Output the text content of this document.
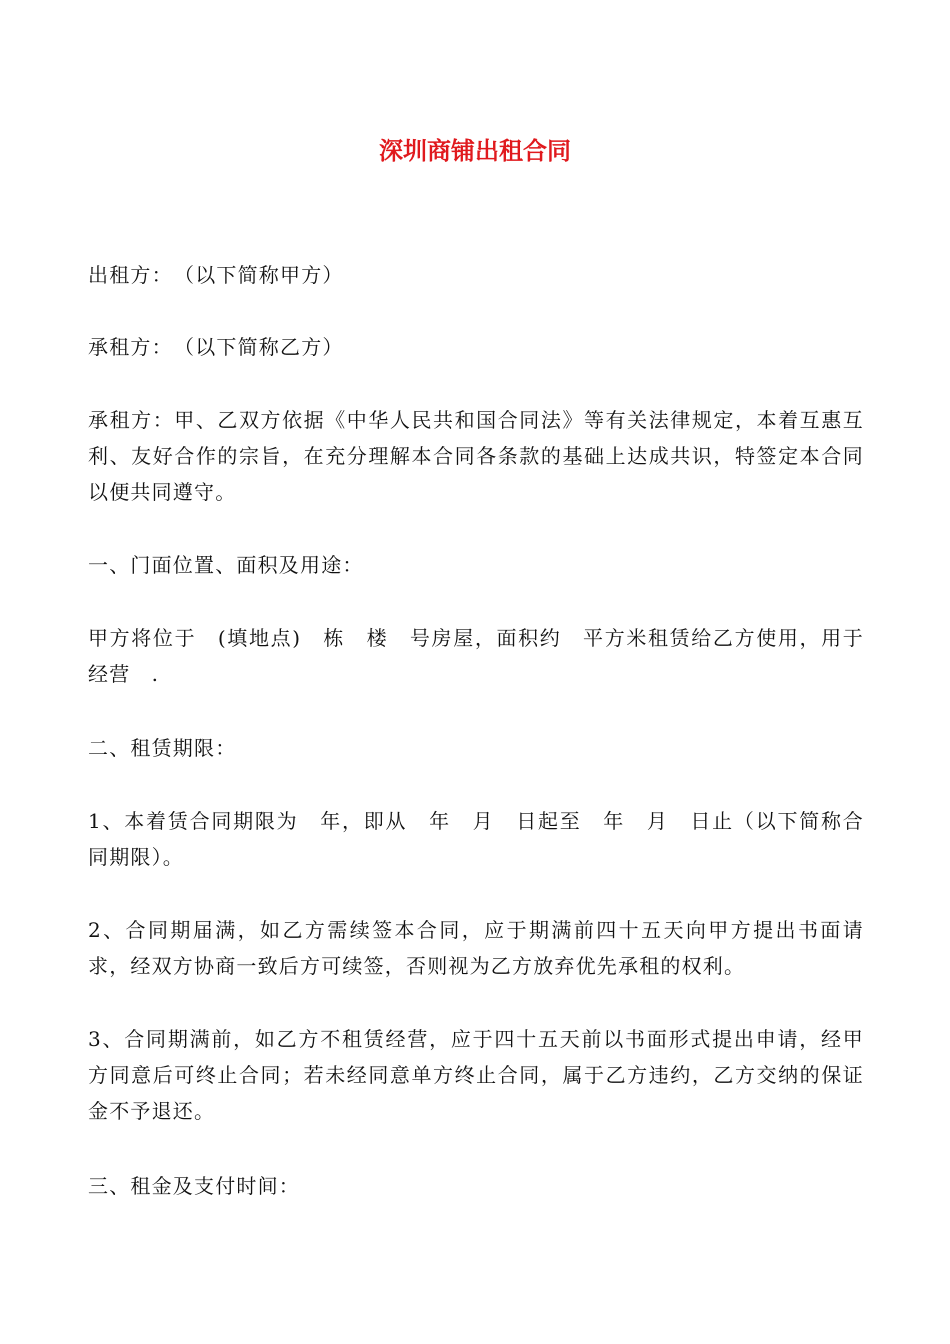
深圳商铺出租合同

出租方：　（以下简称甲方）

承租方：　（以下简称乙方）

承租方：甲、乙双方依据《中华人民共和国合同法》等有关法律规定，本着互惠互利、友好合作的宗旨，在充分理解本合同各条款的基础上达成共识，特签定本合同以便共同遵守。

一、门面位置、面积及用途：

甲方将位于　(填地点)　栋　楼　号房屋，面积约　平方米租赁给乙方使用，用于经营　.

二、租赁期限：

1、本着赁合同期限为　年，即从　年　月　日起至　年　月　日止（以下简称合同期限）。

2、合同期届满，如乙方需续签本合同，应于期满前四十五天向甲方提出书面请求，经双方协商一致后方可续签，否则视为乙方放弃优先承租的权利。

3、合同期满前，如乙方不租赁经营，应于四十五天前以书面形式提出申请，经甲方同意后可终止合同；若未经同意单方终止合同，属于乙方违约，乙方交纳的保证金不予退还。

三、租金及支付时间：
